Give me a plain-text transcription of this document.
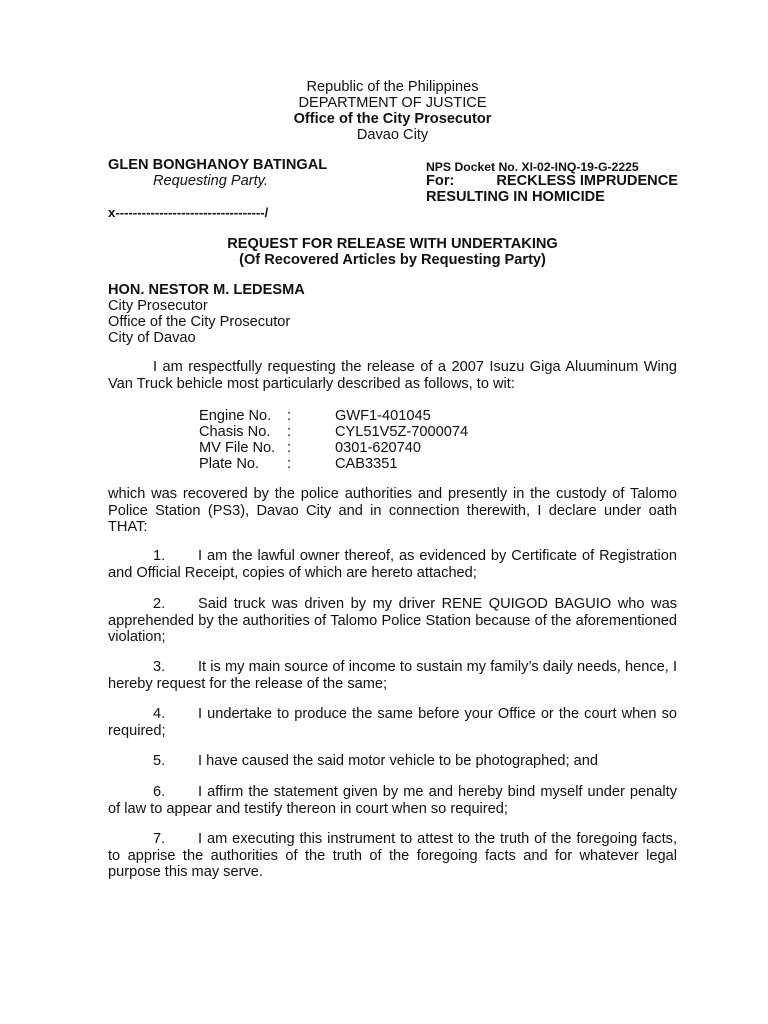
Republic of the Philippines
DEPARTMENT OF JUSTICE
Office of the City Prosecutor
Davao City
GLEN BONGHANOY BATINGAL
Requesting Party.
NPS Docket No. XI-02-INQ-19-G-2225
For:	RECKLESS IMPRUDENCE
RESULTING IN HOMICIDE
x----------------------------------/
REQUEST FOR RELEASE WITH UNDERTAKING
(Of Recovered Articles by Requesting Party)
HON. NESTOR M. LEDESMA
City Prosecutor
Office of the City Prosecutor
City of Davao
I am respectfully requesting the release of a 2007 Isuzu Giga Aluuminum Wing Van Truck behicle most particularly described as follows, to wit:
Engine No. :	GWF1-401045
Chasis No. :	CYL51V5Z-7000074
MV File No. :	0301-620740
Plate No. :	CAB3351
which was recovered by the police authorities and presently in the custody of Talomo Police Station (PS3), Davao City and in connection therewith, I declare under oath THAT:
1. I am the lawful owner thereof, as evidenced by Certificate of Registration and Official Receipt, copies of which are hereto attached;
2. Said truck was driven by my driver RENE QUIGOD BAGUIO who was apprehended by the authorities of Talomo Police Station because of the aforementioned violation;
3. It is my main source of income to sustain my family’s daily needs, hence, I hereby request for the release of the same;
4. I undertake to produce the same before your Office or the court when so required;
5. I have caused the said motor vehicle to be photographed; and
6. I affirm the statement given by me and hereby bind myself under penalty of law to appear and testify thereon in court when so required;
7. I am executing this instrument to attest to the truth of the foregoing facts, to apprise the authorities of the truth of the foregoing facts and for whatever legal purpose this may serve.
